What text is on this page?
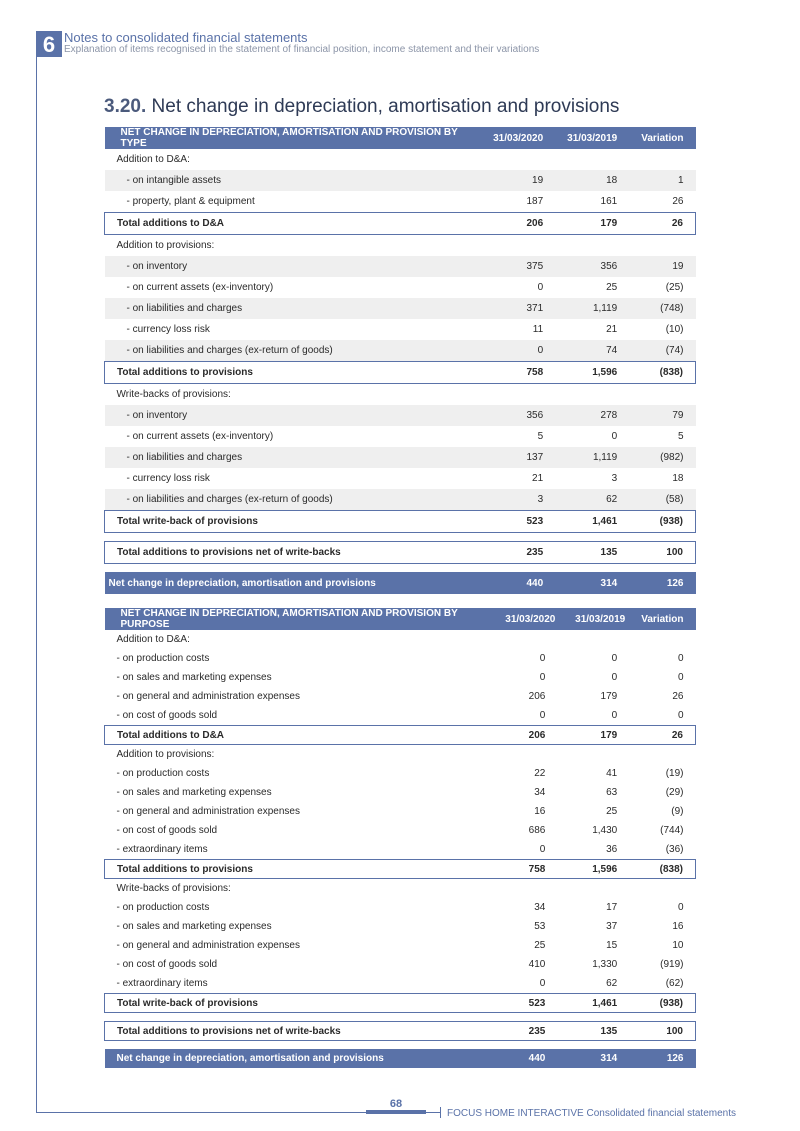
6 Notes to consolidated financial statements
Explanation of items recognised in the statement of financial position, income statement and their variations
3.20. Net change in depreciation, amortisation and provisions
NET CHANGE IN DEPRECIATION, AMORTISATION AND PROVISION BY TYPE	31/03/2020	31/03/2019	Variation
Addition to D&A:			
- on intangible assets	19	18	1
- property, plant & equipment	187	161	26
Total additions to D&A	206	179	26
Addition to provisions:			
- on inventory	375	356	19
- on current assets (ex-inventory)	0	25	(25)
- on liabilities and charges	371	1,119	(748)
- currency loss risk	11	21	(10)
- on liabilities and charges (ex-return of goods)	0	74	(74)
Total additions to provisions	758	1,596	(838)
Write-backs of provisions:			
- on inventory	356	278	79
- on current assets (ex-inventory)	5	0	5
- on liabilities and charges	137	1,119	(982)
- currency loss risk	21	3	18
- on liabilities and charges (ex-return of goods)	3	62	(58)
Total write-back of provisions	523	1,461	(938)

Total additions to provisions net of write-backs	235	135	100

Net change in depreciation, amortisation and provisions	440	314	126
NET CHANGE IN DEPRECIATION, AMORTISATION AND PROVISION BY PURPOSE	31/03/2020	31/03/2019	Variation
Addition to D&A:			
- on production costs	0	0	0
- on sales and marketing expenses	0	0	0
- on general and administration expenses	206	179	26
- on cost of goods sold	0	0	0
Total additions to D&A	206	179	26
Addition to provisions:			
- on production costs	22	41	(19)
- on sales and marketing expenses	34	63	(29)
- on general and administration expenses	16	25	(9)
- on cost of goods sold	686	1,430	(744)
- extraordinary items	0	36	(36)
Total additions to provisions	758	1,596	(838)
Write-backs of provisions:			
- on production costs	34	17	0
- on sales and marketing expenses	53	37	16
- on general and administration expenses	25	15	10
- on cost of goods sold	410	1,330	(919)
- extraordinary items	0	62	(62)
Total write-back of provisions	523	1,461	(938)

Total additions to provisions net of write-backs	235	135	100

Net change in depreciation, amortisation and provisions	440	314	126
68
FOCUS HOME INTERACTIVE Consolidated financial statements
